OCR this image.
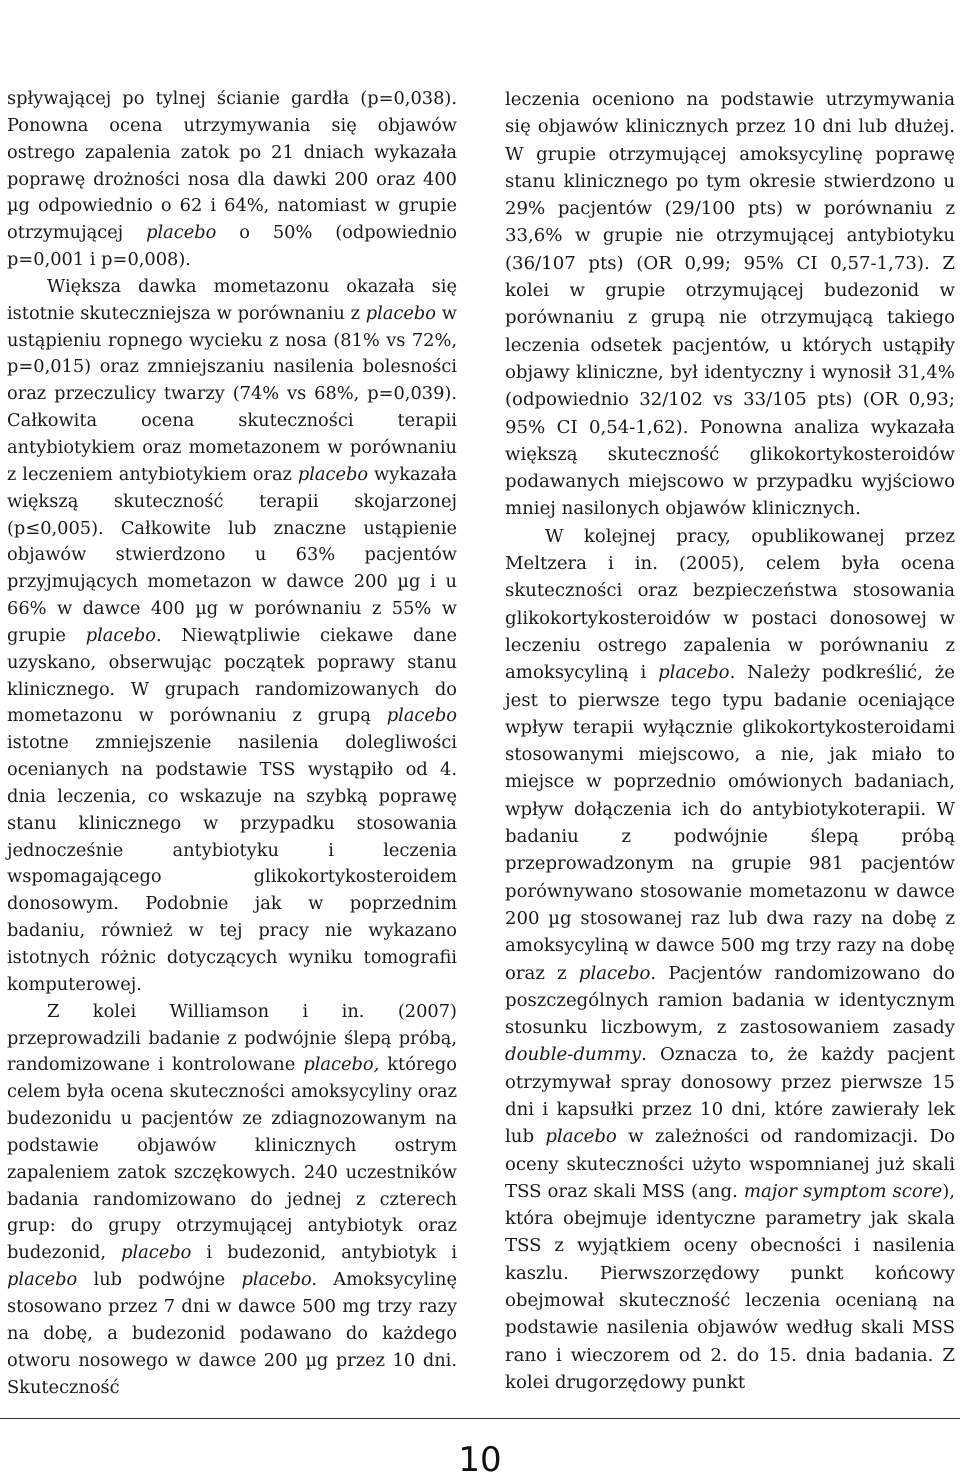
spływającej po tylnej ścianie gardła (p=0,038). Ponowna ocena utrzymywania się objawów ostrego zapalenia zatok po 21 dniach wykazała poprawę drożności nosa dla dawki 200 oraz 400 µg odpowiednio o 62 i 64%, natomiast w grupie otrzymującej placebo o 50% (odpowiednio p=0,001 i p=0,008).

Większa dawka mometazonu okazała się istotnie skuteczniejsza w porównaniu z placebo w ustąpieniu ropnego wycieku z nosa (81% vs 72%, p=0,015) oraz zmniejszaniu nasilenia bolesności oraz przeczulicy twarzy (74% vs 68%, p=0,039). Całkowita ocena skuteczności terapii antybiotykiem oraz mometazonem w porównaniu z leczeniem antybiotykiem oraz placebo wykazała większą skuteczność terapii skojarzonej (p≤0,005). Całkowite lub znaczne ustąpienie objawów stwierdzono u 63% pacjentów przyjmujących mometazon w dawce 200 µg i u 66% w dawce 400 µg w porównaniu z 55% w grupie placebo. Niewątpliwie ciekawe dane uzyskano, obserwując początek poprawy stanu klinicznego. W grupach randomizowanych do mometazonu w porównaniu z grupą placebo istotne zmniejszenie nasilenia dolegliwości ocenianych na podstawie TSS wystąpiło od 4. dnia leczenia, co wskazuje na szybką poprawę stanu klinicznego w przypadku stosowania jednocześnie antybiotyku i leczenia wspomagającego glikokortykosteroidem donosowym. Podobnie jak w poprzednim badaniu, również w tej pracy nie wykazano istotnych różnic dotyczących wyniku tomografii komputerowej.

Z kolei Williamson i in. (2007) przeprowadzili badanie z podwójnie ślepą próbą, randomizowane i kontrolowane placebo, którego celem była ocena skuteczności amoksycyliny oraz budezonidu u pacjentów ze zdiagnozowanym na podstawie objawów klinicznych ostrym zapaleniem zatok szczękowych. 240 uczestników badania randomizowano do jednej z czterech grup: do grupy otrzymującej antybiotyk oraz budezonid, placebo i budezonid, antybiotyk i placebo lub podwójne placebo. Amoksycylinę stosowano przez 7 dni w dawce 500 mg trzy razy na dobę, a budezonid podawano do każdego otworu nosowego w dawce 200 µg przez 10 dni. Skuteczność

leczenia oceniono na podstawie utrzymywania się objawów klinicznych przez 10 dni lub dłużej. W grupie otrzymującej amoksycylinę poprawę stanu klinicznego po tym okresie stwierdzono u 29% pacjentów (29/100 pts) w porównaniu z 33,6% w grupie nie otrzymującej antybiotyku (36/107 pts) (OR 0,99; 95% CI 0,57-1,73). Z kolei w grupie otrzymującej budezonid w porównaniu z grupą nie otrzymującą takiego leczenia odsetek pacjentów, u których ustąpiły objawy kliniczne, był identyczny i wynosił 31,4% (odpowiednio 32/102 vs 33/105 pts) (OR 0,93; 95% CI 0,54-1,62). Ponowna analiza wykazała większą skuteczność glikokortykosteroidów podawanych miejscowo w przypadku wyjściowo mniej nasilonych objawów klinicznych.

W kolejnej pracy, opublikowanej przez Meltzera i in. (2005), celem była ocena skuteczności oraz bezpieczeństwa stosowania glikokortykosteroidów w postaci donosowej w leczeniu ostrego zapalenia w porównaniu z amoksycyliną i placebo. Należy podkreślić, że jest to pierwsze tego typu badanie oceniające wpływ terapii wyłącznie glikokortykosteroidami stosowanymi miejscowo, a nie, jak miało to miejsce w poprzednio omówionych badaniach, wpływ dołączenia ich do antybiotykoterapii. W badaniu z podwójnie ślepą próbą przeprowadzonym na grupie 981 pacjentów porównywano stosowanie mometazonu w dawce 200 µg stosowanej raz lub dwa razy na dobę z amoksycyliną w dawce 500 mg trzy razy na dobę oraz z placebo. Pacjentów randomizowano do poszczególnych ramion badania w identycznym stosunku liczbowym, z zastosowaniem zasady double-dummy. Oznacza to, że każdy pacjent otrzymywał spray donosowy przez pierwsze 15 dni i kapsułki przez 10 dni, które zawierały lek lub placebo w zależności od randomizacji. Do oceny skuteczności użyto wspomnianej już skali TSS oraz skali MSS (ang. major symptom score), która obejmuje identyczne parametry jak skala TSS z wyjątkiem oceny obecności i nasilenia kaszlu. Pierwszorzędowy punkt końcowy obejmował skuteczność leczenia ocenianą na podstawie nasilenia objawów według skali MSS rano i wieczorem od 2. do 15. dnia badania. Z kolei drugorzędowy punkt

10
